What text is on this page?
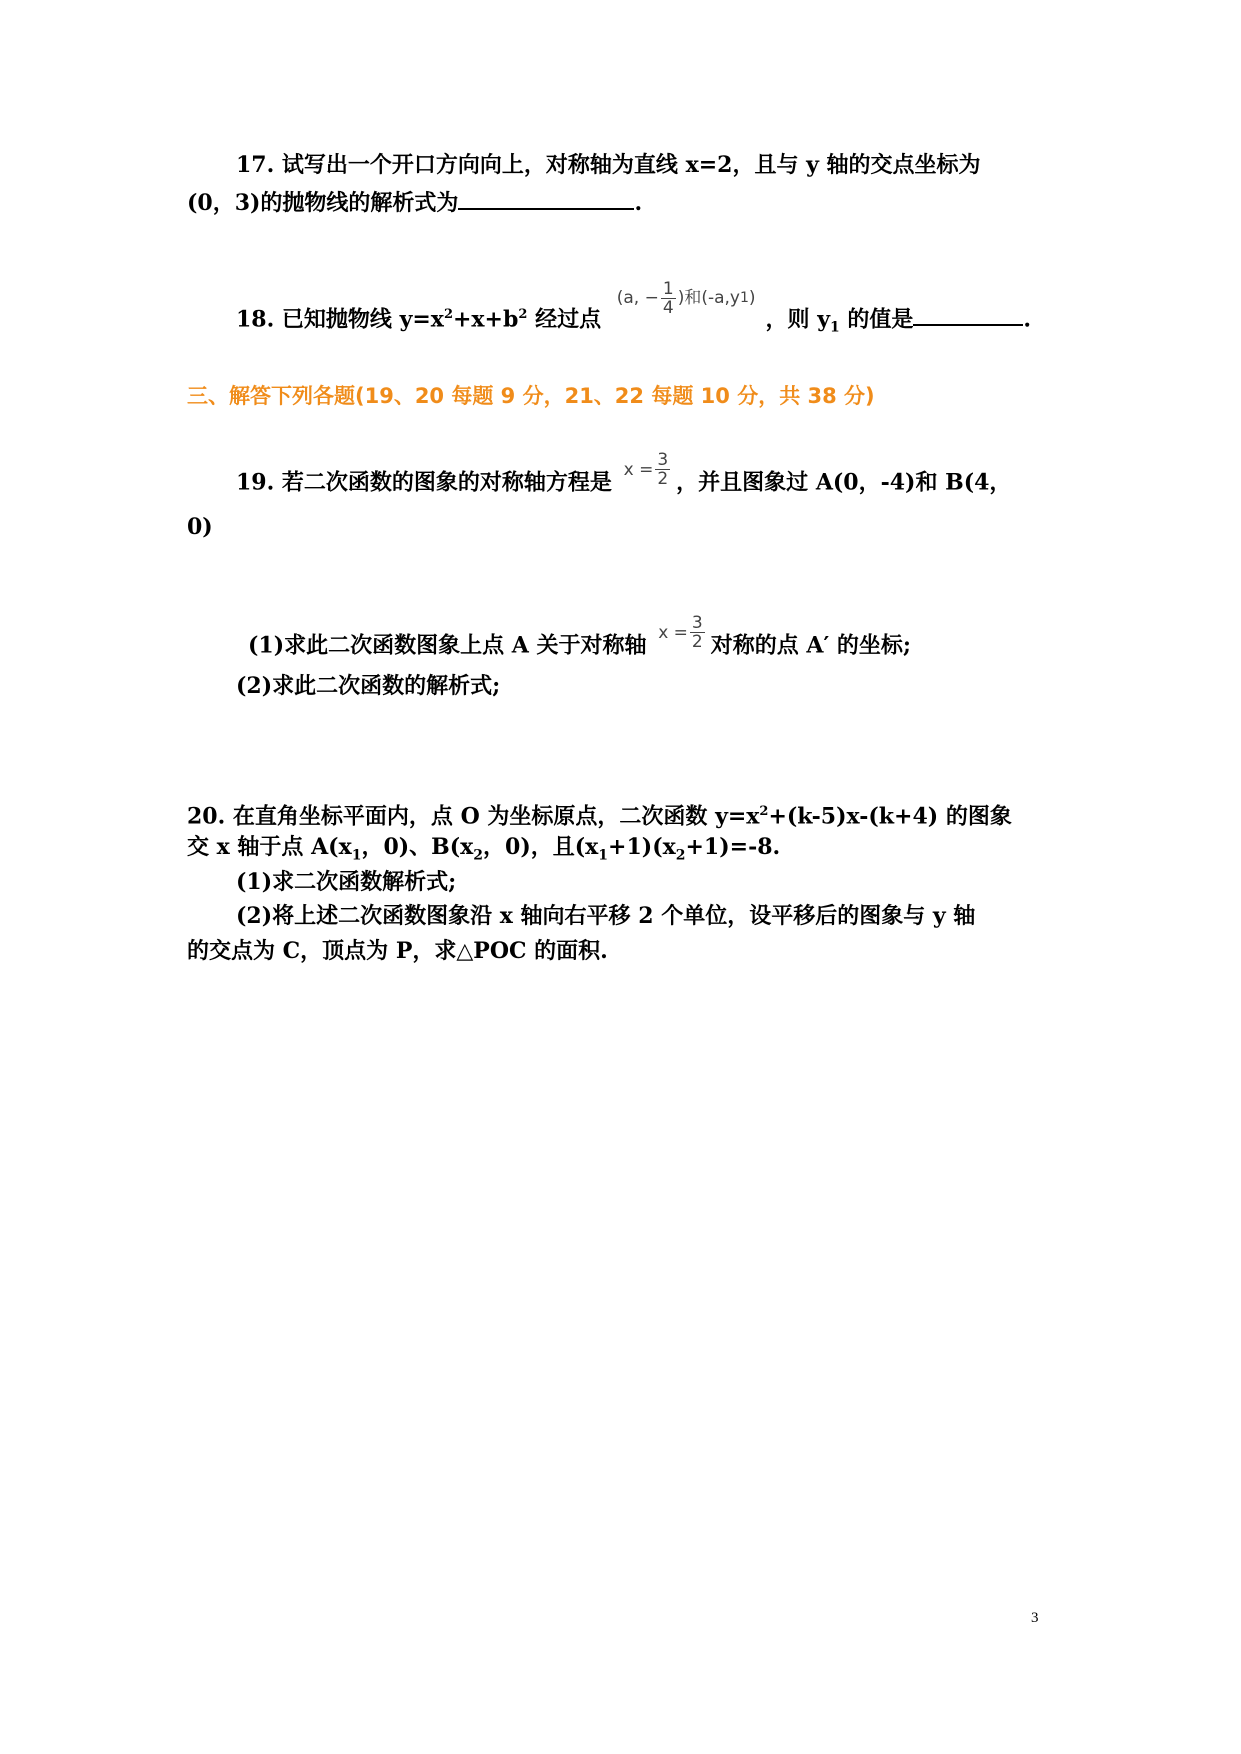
17. 试写出一个开口方向向上，对称轴为直线 x=2，且与 y 轴的交点坐标为
(0，3)的抛物线的解析式为	.
18. 已知抛物线 $y=x^2+x+b^2$ 经过点
(a, − $\frac{1}{4}$ )和(-a,y 1 )
，则 $y_1$ 的值是	.
三、解答下列各题(19、20 每题 9 分，21、22 每题 10 分，共 38 分)
19. 若二次函数的图象的对称轴方程是 $x = \frac{3}{2}$ ，并且图象过 A(0，-4)和 B(4，
0)
(1)求此二次函数图象上点 A 关于对称轴 $x = \frac{3}{2}$ 对称的点 A′ 的坐标;
(2)求此二次函数的解析式;
20. 在直角坐标平面内，点 O 为坐标原点，二次函数 $y=x^2+(k-5)x-(k+4)$ 的图象
交 x 轴于点 $A(x_1$，0)、$B(x_2$，0)，且$(x_1+1)(x_2+1)=-8$.
(1)求二次函数解析式;
(2)将上述二次函数图象沿 x 轴向右平移 2 个单位，设平移后的图象与 y 轴
的交点为 C，顶点为 P，求△POC 的面积.
3
